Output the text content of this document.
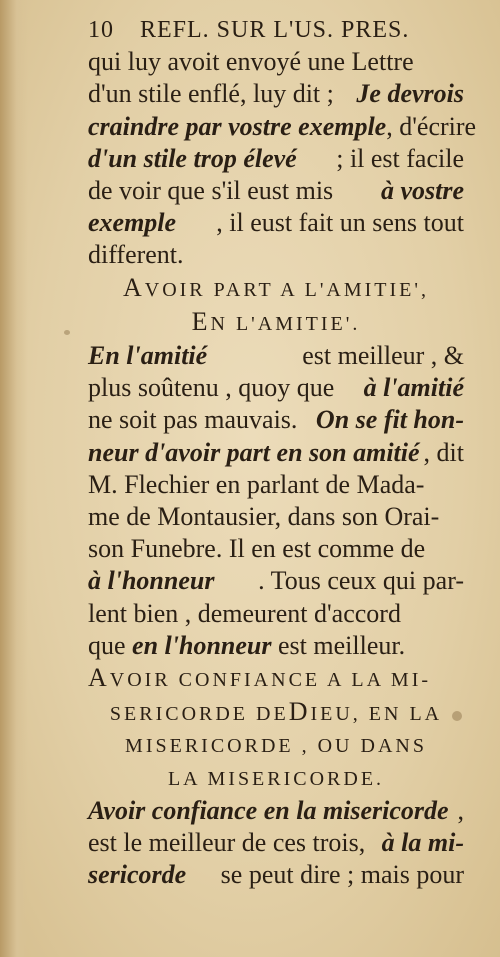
10 REFL. SUR L'US. PRES.
qui luy avoit envoyé une Lettre
d'un stile enflé, luy dit ; Je devrois
craindre par vostre exemple , d'écrire
d'un stile trop élevé ; il est facile
de voir que s'il eust mis à vostre
exemple , il eust fait un sens tout
different.
AVOIR PART A L'AMITIE',
EN L'AMITIE'.
En l'amitié	est meilleur , &
plus soûtenu , quoy que à l'amitié
ne soit pas mauvais. On se fit hon-
neur d'avoir part en son amitié , dit
M. Flechier en parlant de Mada-
me de Montausier, dans son Orai-
son Funebre. Il en est comme de
à l'honneur . Tous ceux qui par-
lent bien , demeurent d'accord
que en l'honneur est meilleur.
AVOIR CONFIANCE A LA MI-
SERICORDE DEDIEU, EN LA
MISERICORDE , OU DANS
LA MISERICORDE.
Avoir confiance en la misericorde ,
est le meilleur de ces trois, à la mi-
sericorde se peut dire ; mais pour
